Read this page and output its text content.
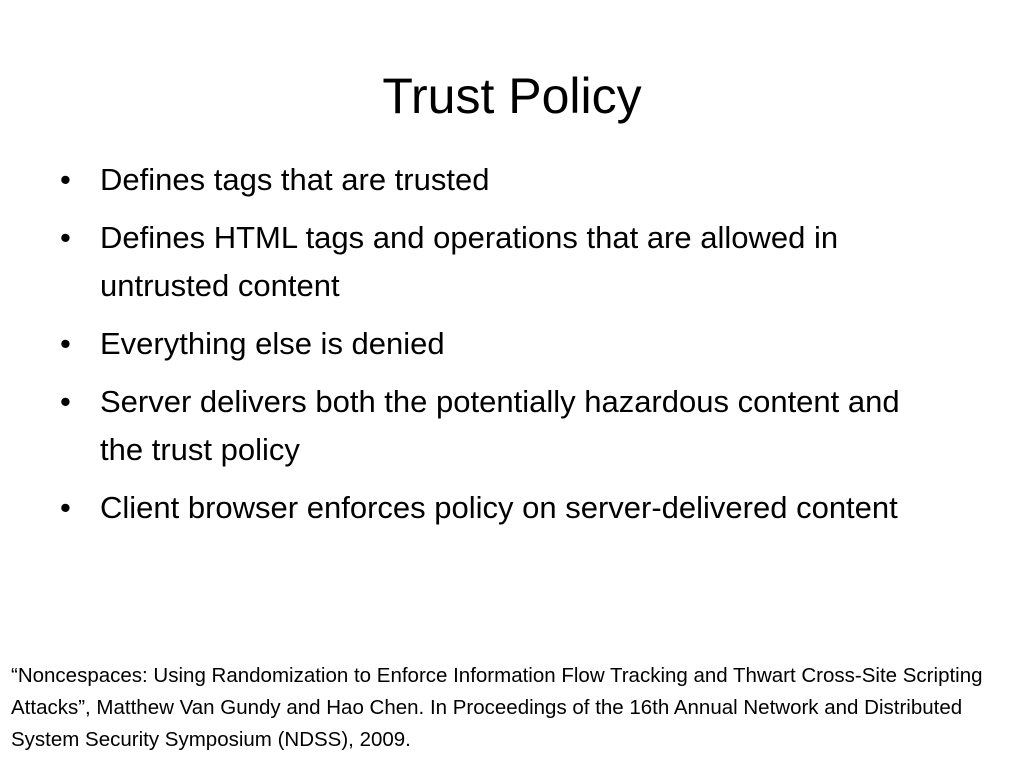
Trust Policy
• Defines tags that are trusted
• Defines HTML tags and operations that are allowed in untrusted content
• Everything else is denied
• Server delivers both the potentially hazardous content and the trust policy
• Client browser enforces policy on server-delivered content

“Noncespaces: Using Randomization to Enforce Information Flow Tracking and Thwart Cross-Site Scripting Attacks”, Matthew Van Gundy and Hao Chen. In Proceedings of the 16th Annual Network and Distributed System Security Symposium (NDSS), 2009.
